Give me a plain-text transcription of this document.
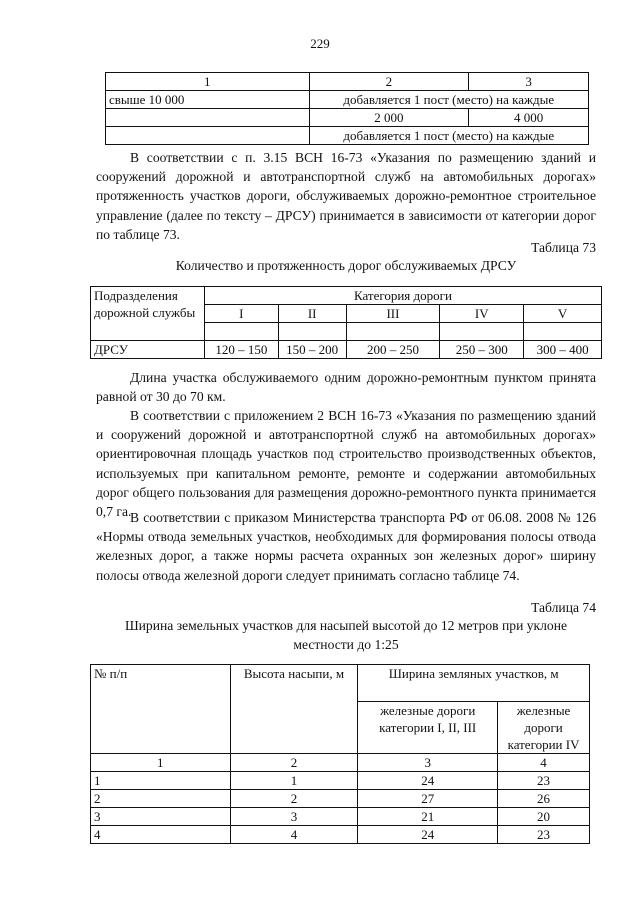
229
1	2	3
свыше 10 000	добавляется 1 пост (место) на каждые	
	2 000	4 000
	добавляется 1 пост (место) на каждые	

В соответствии с п. 3.15 ВСН 16-73 «Указания по размещению зданий и сооружений дорожной и автотранспортной служб на автомобильных дорогах» протяженность участков дороги, обслуживаемых дорожно-ремонтное строительное управление (далее по тексту – ДРСУ) принимается в зависимости от категории дорог по таблице 73.

Таблица 73
Количество и протяженность дорог обслуживаемых ДРСУ
Подразделения дорожной службы	Категория дороги				
	I	II	III	IV	V

ДРСУ	120 – 150	150 – 200	200 – 250	250 – 300	300 – 400

Длина участка обслуживаемого одним дорожно-ремонтным пунктом принята равной от 30 до 70 км.

В соответствии с приложением 2 ВСН 16-73 «Указания по размещению зданий и сооружений дорожной и автотранспортной служб на автомобильных дорогах» ориентировочная площадь участков под строительство производственных объектов, используемых при капитальном ремонте, ремонте и содержании автомобильных дорог общего пользования для размещения дорожно-ремонтного пункта принимается 0,7 га.

В соответствии с приказом Министерства транспорта РФ от 06.08. 2008 № 126 «Нормы отвода земельных участков, необходимых для формирования полосы отвода железных дорог, а также нормы расчета охранных зон железных дорог» ширину полосы отвода железной дороги следует принимать согласно таблице 74.

Таблица 74
Ширина земельных участков для насыпей высотой до 12 метров при уклоне местности до 1:25
№ п/п	Высота насыпи, м	Ширина земляных участков, м	
		железные дороги категории I, II, III	железные дороги категории IV
1	2	3	4
1	1	24	23
2	2	27	26
3	3	21	20
4	4	24	23
